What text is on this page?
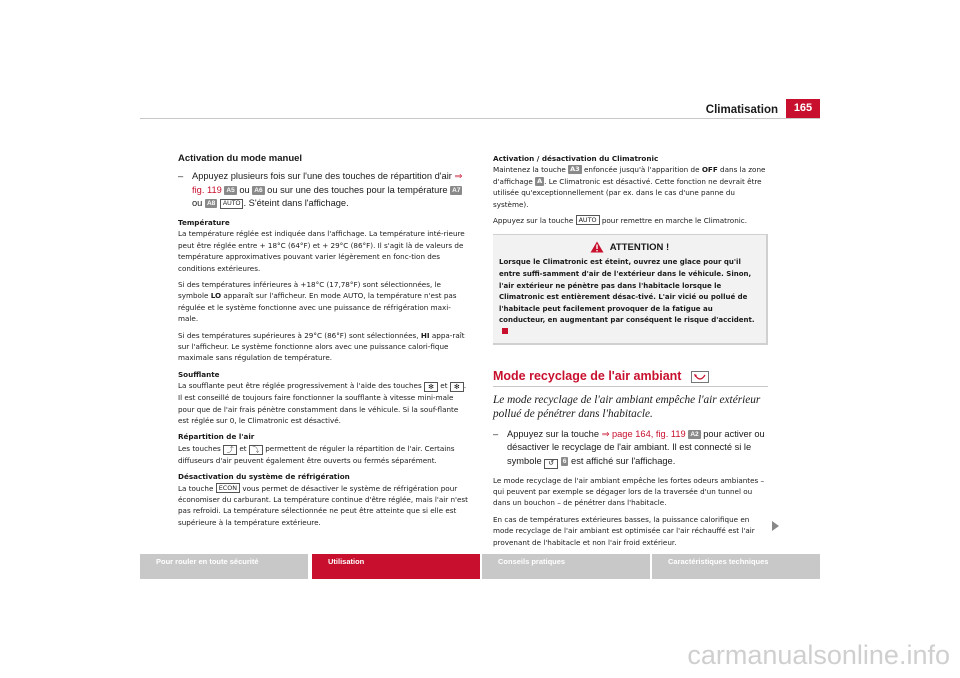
Climatisation	165

Activation du mode manuel

– Appuyez plusieurs fois sur l'une des touches de répartition d'air ⇒ fig. 119 A5 ou A6 ou sur une des touches pour la température A7 ou A8 AUTO . S'éteint dans l'affichage.

Température

La température réglée est indiquée dans l'affichage. La température inté-rieure peut être réglée entre + 18°C (64°F) et + 29°C (86°F). Il s'agit là de valeurs de température approximatives pouvant varier légèrement en fonc-tion des conditions extérieures.

Si des températures inférieures à +18°C (17,78°F) sont sélectionnées, le symbole LO apparaît sur l'afficheur. En mode AUTO, la température n'est pas régulée et le système fonctionne avec une puissance de réfrigération maxi-male.

Si des températures supérieures à 29°C (86°F) sont sélectionnées, HI appa-raît sur l'afficheur. Le système fonctionne alors avec une puissance calori-fique maximale sans régulation de température.

Soufflante

La soufflante peut être réglée progressivement à l'aide des touches ✻ et ✻ . Il est conseillé de toujours faire fonctionner la soufflante à vitesse mini-male pour que de l'air frais pénètre constamment dans le véhicule. Si la souf-flante est réglée sur 0, le Climatronic est désactivé.

Répartition de l'air

Les touches ⤴ et ⤵ permettent de réguler la répartition de l'air. Certains diffuseurs d'air peuvent également être ouverts ou fermés séparément.

Désactivation du système de réfrigération

La touche ECON vous permet de désactiver le système de réfrigération pour économiser du carburant. La température continue d'être réglée, mais l'air n'est pas refroidi. La température sélectionnée ne peut être atteinte que si elle est supérieure à la température extérieure.

Activation / désactivation du Climatronic

Maintenez la touche A3 enfoncée jusqu'à l'apparition de OFF dans la zone d'affichage A . Le Climatronic est désactivé. Cette fonction ne devrait être utilisée qu'exceptionnellement (par ex. dans le cas d'une panne du système).

Appuyez sur la touche AUTO pour remettre en marche le Climatronic.

ATTENTION !
Lorsque le Climatronic est éteint, ouvrez une glace pour qu'il entre suffi-samment d'air de l'extérieur dans le véhicule. Sinon, l'air extérieur ne pénètre pas dans l'habitacle lorsque le Climatronic est entièrement désac-tivé. L'air vicié ou pollué de l'habitacle peut facilement provoquer de la fatigue au conducteur, en augmentant par conséquent le risque d'accident.
Mode recyclage de l'air ambiant

Le mode recyclage de l'air ambiant empêche l'air extérieur pollué de pénétrer dans l'habitacle.

– Appuyez sur la touche ⇒ page 164, fig. 119 A2 pour activer ou désactiver le recyclage de l'air ambiant. Il est connecté si le symbole ↺ 6 est affiché sur l'affichage.

Le mode recyclage de l'air ambiant empêche les fortes odeurs ambiantes – qui peuvent par exemple se dégager lors de la traversée d'un tunnel ou dans un bouchon – de pénétrer dans l'habitacle.

En cas de températures extérieures basses, la puissance calorifique en mode recyclage de l'air ambiant est optimisée car l'air réchauffé est l'air provenant de l'habitacle et non l'air froid extérieur.

Pour rouler en toute sécurité	Utilisation	Conseils pratiques	Caractéristiques techniques
carmanualsonline.info
